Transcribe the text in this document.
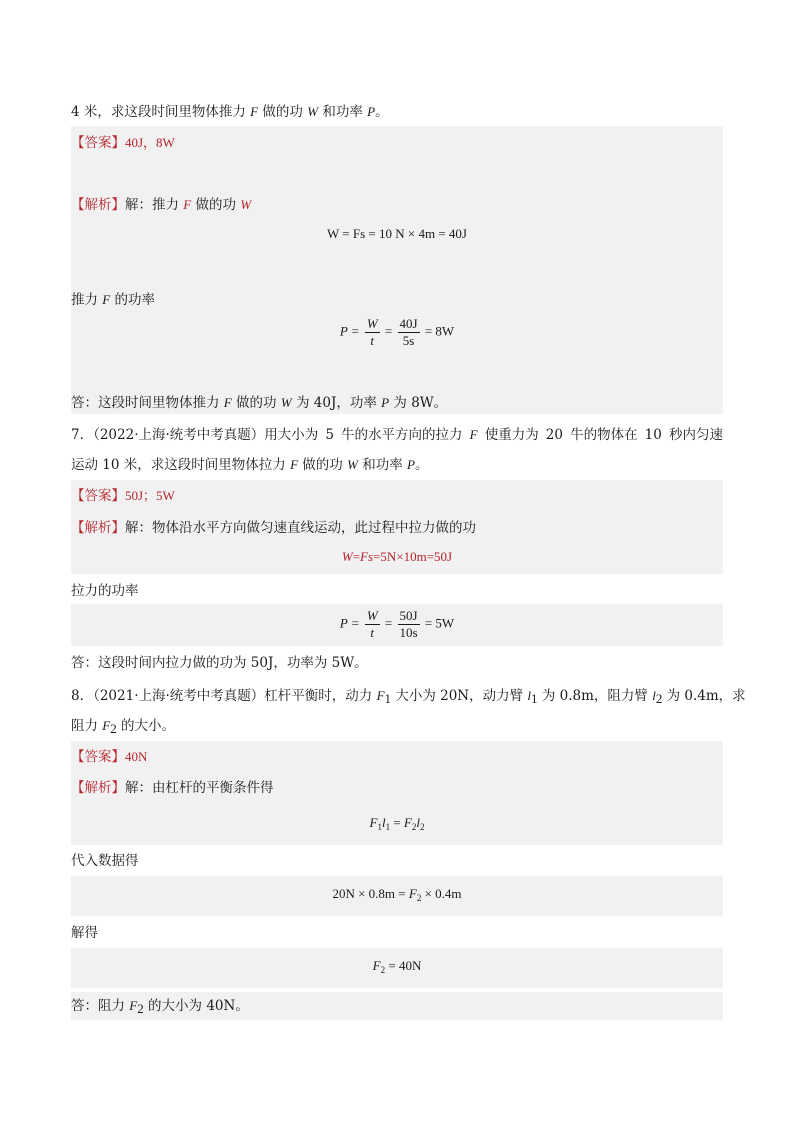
4 米，求这段时间里物体推力 F 做的功 W 和功率 P。
【答案】40J，8W
【解析】解：推力 F 做的功 W
W = Fs = 10 N × 4m = 40J
推力 F 的功率
$P = \frac{W}{t} = \frac{40J}{5s} = 8W$
答：这段时间里物体推力 F 做的功 W 为 40J，功率 P 为 8W。
7．（2022·上海·统考中考真题）用大小为 5 牛的水平方向的拉力 F 使重力为 20 牛的物体在 10 秒内匀速
运动 10 米，求这段时间里物体拉力 F 做的功 W 和功率 P。
【答案】50J；5W
【解析】解：物体沿水平方向做匀速直线运动，此过程中拉力做的功
W=Fs=5N×10m=50J
拉力的功率
$P = \frac{W}{t} = \frac{50J}{10s} = 5W$
答：这段时间内拉力做的功为 50J，功率为 5W。
8．（2021·上海·统考中考真题）杠杆平衡时，动力 $F_1$ 大小为 20N，动力臂 $l_1$ 为 0.8m，阻力臂 $l_2$ 为 0.4m，求
阻力 $F_2$ 的大小。
【答案】40N
【解析】解：由杠杆的平衡条件得
$F_1l_1 = F_2l_2$
代入数据得
$20N \times 0.8m = F_2 \times 0.4m$
解得
$F_2 = 40N$
答：阻力 $F_2$ 的大小为 40N。
